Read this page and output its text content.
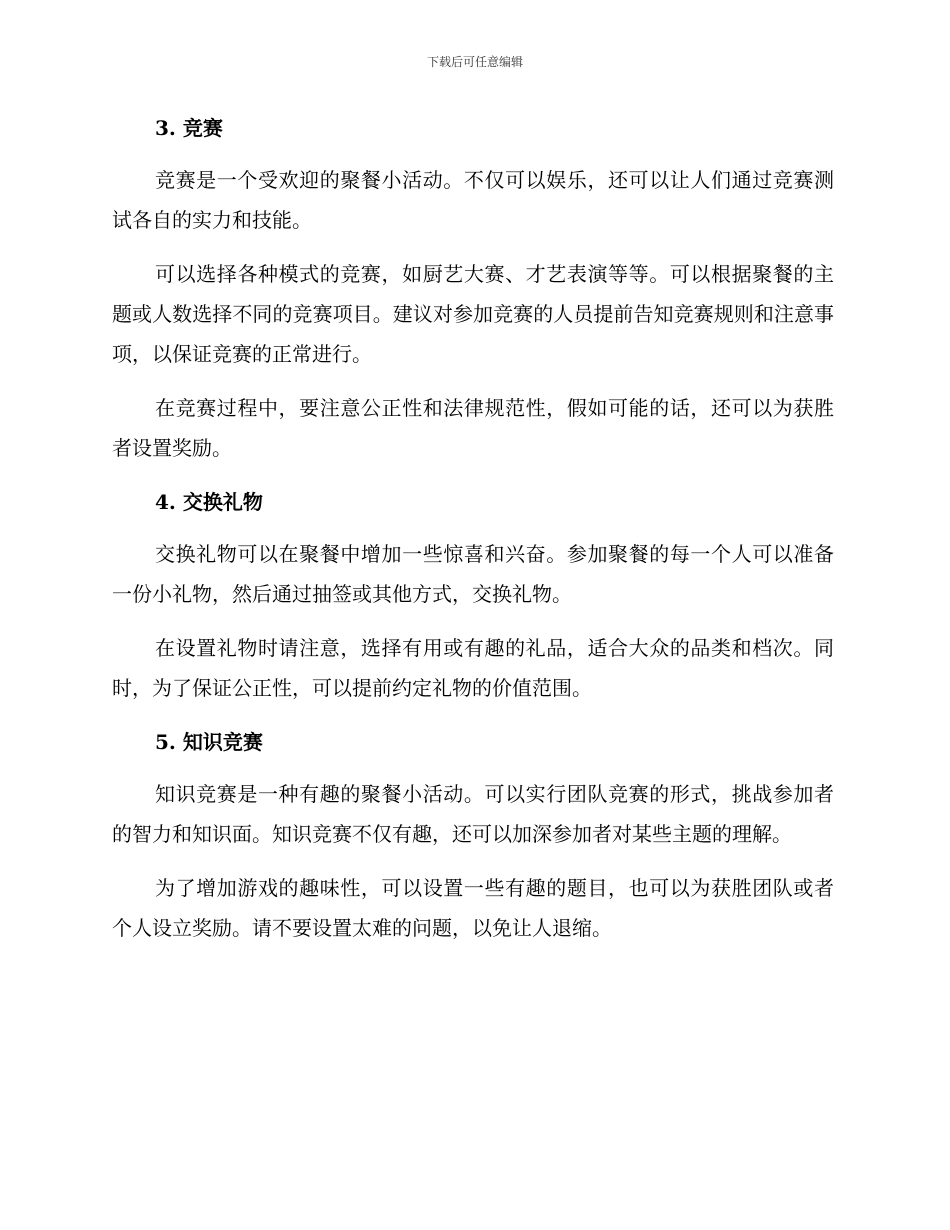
下载后可任意编辑
3. 竞赛

竞赛是一个受欢迎的聚餐小活动。不仅可以娱乐，还可以让人们通过竞赛测试各自的实力和技能。

可以选择各种模式的竞赛，如厨艺大赛、才艺表演等等。可以根据聚餐的主题或人数选择不同的竞赛项目。建议对参加竞赛的人员提前告知竞赛规则和注意事项，以保证竞赛的正常进行。

在竞赛过程中，要注意公正性和法律规范性，假如可能的话，还可以为获胜者设置奖励。

4. 交换礼物

交换礼物可以在聚餐中增加一些惊喜和兴奋。参加聚餐的每一个人可以准备一份小礼物，然后通过抽签或其他方式，交换礼物。

在设置礼物时请注意，选择有用或有趣的礼品，适合大众的品类和档次。同时，为了保证公正性，可以提前约定礼物的价值范围。

5. 知识竞赛

知识竞赛是一种有趣的聚餐小活动。可以实行团队竞赛的形式，挑战参加者的智力和知识面。知识竞赛不仅有趣，还可以加深参加者对某些主题的理解。

为了增加游戏的趣味性，可以设置一些有趣的题目，也可以为获胜团队或者个人设立奖励。请不要设置太难的问题，以免让人退缩。
